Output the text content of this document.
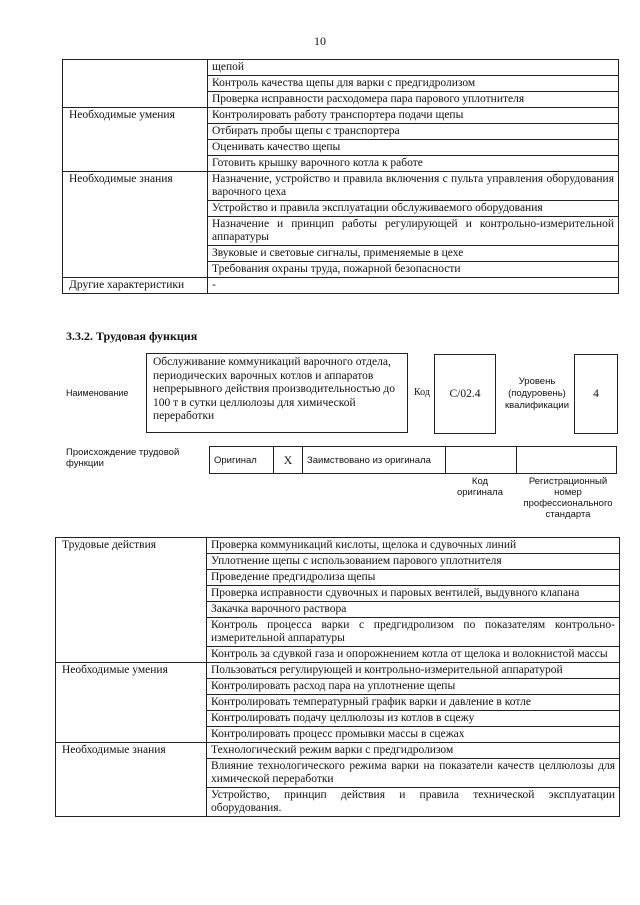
10
	щепой
	Контроль качества щепы для варки с предгидролизом
	Проверка исправности расходомера пара парового уплотнителя
Необходимые умения	Контролировать работу транспортера подачи щепы
	Отбирать пробы щепы с транспортера
	Оценивать качество щепы
	Готовить крышку варочного котла к работе
Необходимые знания	Назначение, устройство и правила включения с пульта управления оборудования варочного цеха
	Устройство и правила эксплуатации обслуживаемого оборудования
	Назначение и принцип работы регулирующей и контрольно-измерительной аппаратуры
	Звуковые и световые сигналы, применяемые в цехе
	Требования охраны труда, пожарной безопасности
Другие характеристики	-
3.3.2. Трудовая функция
Наименование
Обслуживание коммуникаций варочного отдела, периодических варочных котлов и аппаратов непрерывного действия производительностью до 100 т в сутки целлюлозы для химической переработки
Код	С/02.4
Уровень (подуровень) квалификации
4
Происхождение трудовой функции	Оригинал	Х	Заимствовано из оригинала		
Код оригинала
Регистрационный номер профессионального стандарта
Трудовые действия	Проверка коммуникаций кислоты, щелока и сдувочных линий
	Уплотнение щепы с использованием парового уплотнителя
	Проведение предгидролиза щепы
	Проверка исправности сдувочных и паровых вентилей, выдувного клапана
	Закачка варочного раствора
	Контроль процесса варки с предгидролизом по показателям контрольно-измерительной аппаратуры
	Контроль за сдувкой газа и опорожнением котла от щелока и волокнистой массы
Необходимые умения	Пользоваться регулирующей и контрольно-измерительной аппаратурой
	Контролировать расход пара на уплотнение щепы
	Контролировать температурный график варки и давление в котле
	Контролировать подачу целлюлозы из котлов в сцежу
	Контролировать процесс промывки массы в сцежах
Необходимые знания	Технологический режим варки с предгидролизом
	Влияние технологического режима варки на показатели качеств целлюлозы для химической переработки
	Устройство, принцип действия и правила технической эксплуатации оборудования.
